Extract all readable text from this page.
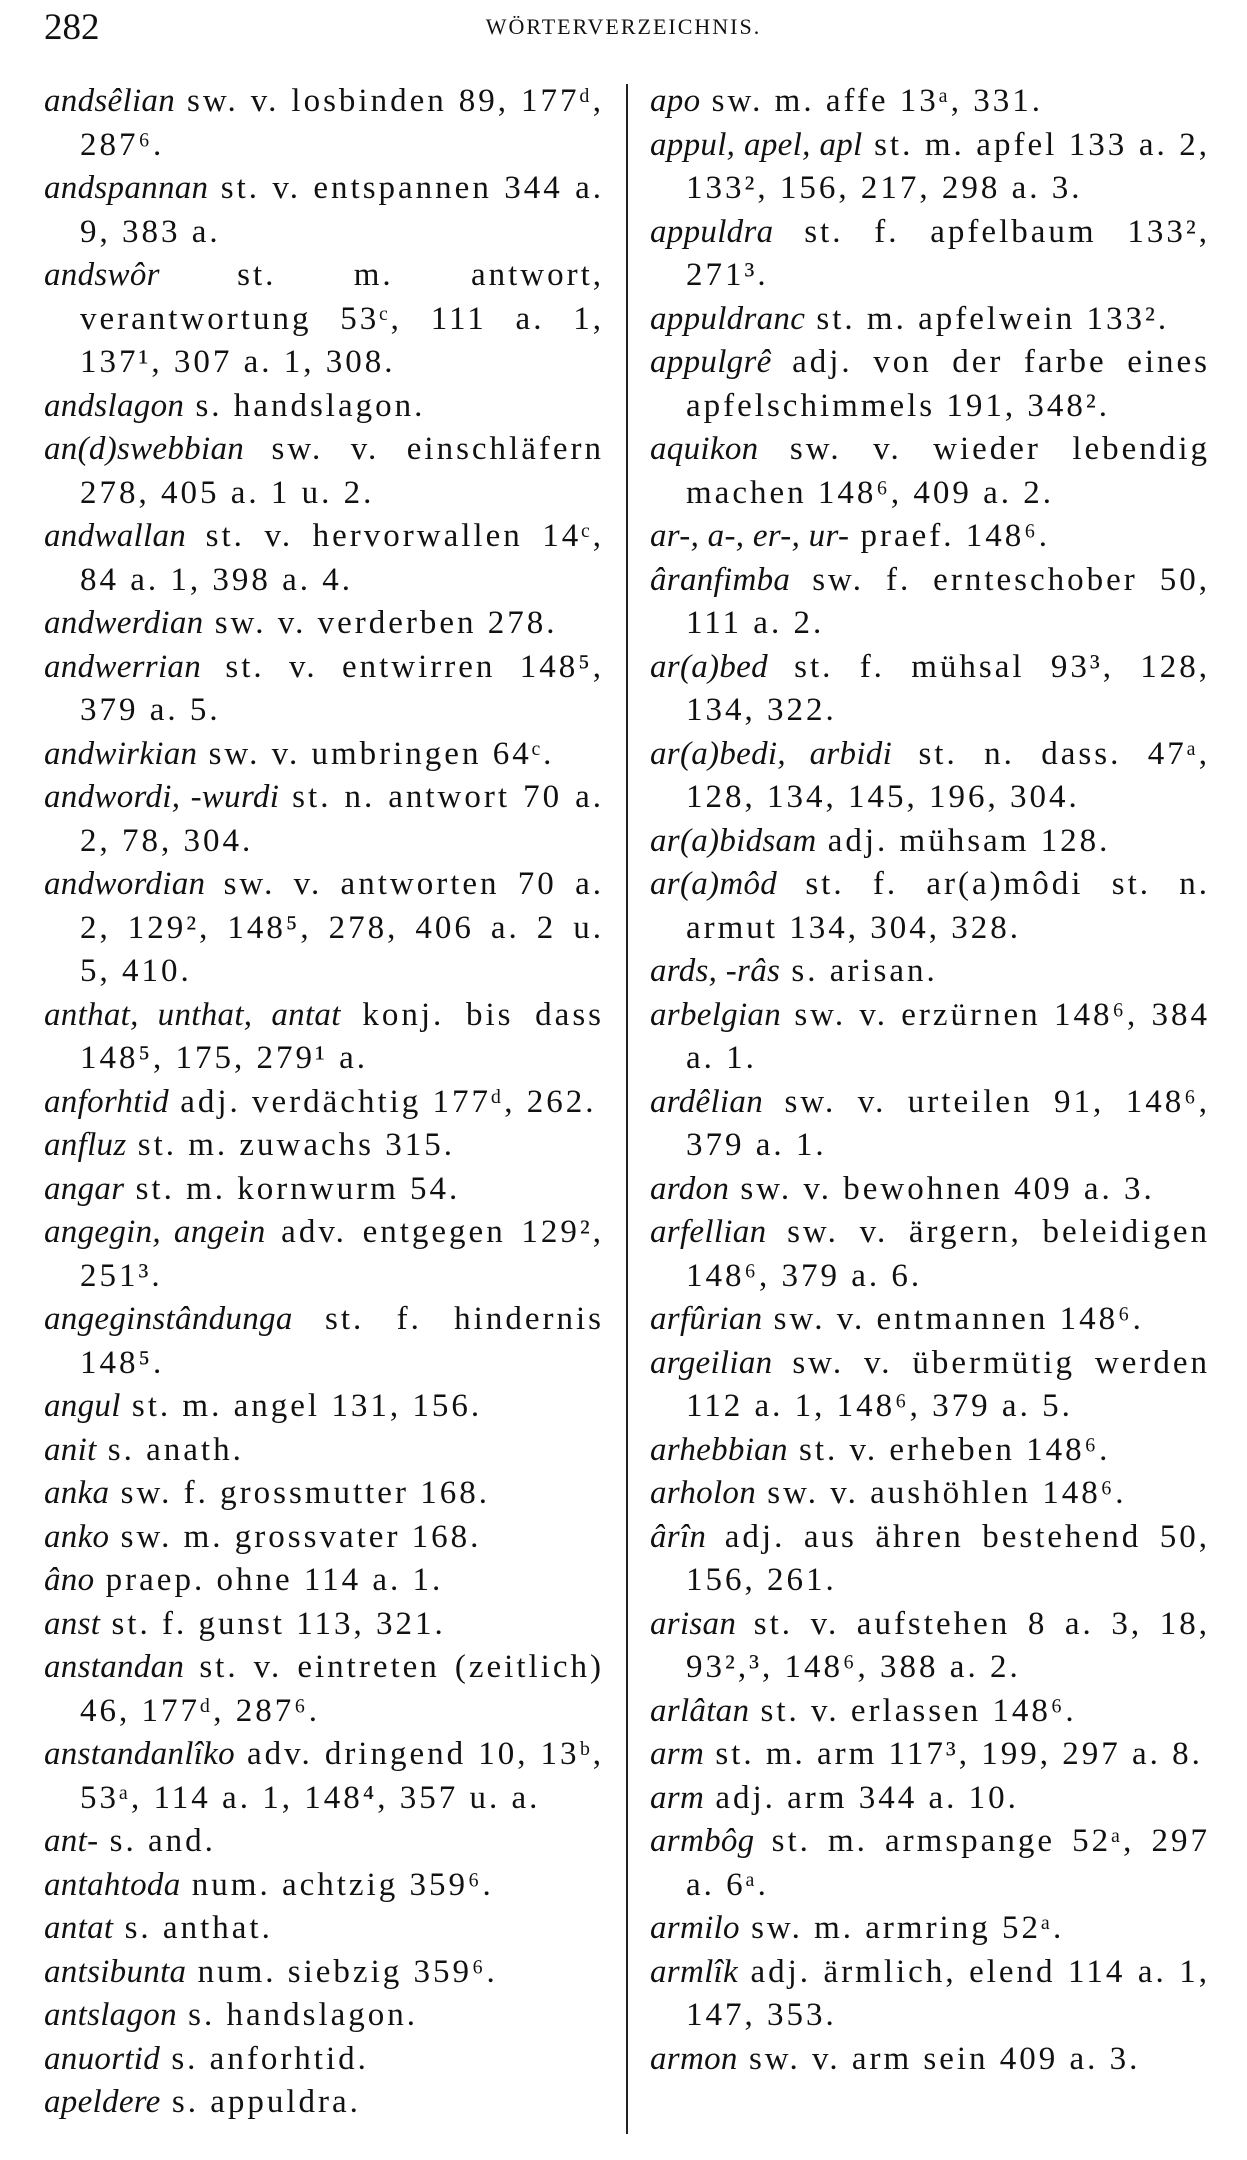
282	WÖRTERVERZEICHNIS.
andsêlian sw. v. losbinden 89, 177ᵈ, 287⁶.
andspannan st. v. entspannen 344 a. 9, 383 a.
andswôr st. m. antwort, verantwortung 53ᶜ, 111 a. 1, 137¹, 307 a. 1, 308.
andslagon s. handslagon.
an(d)swebbian sw. v. einschläfern 278, 405 a. 1 u. 2.
andwallan st. v. hervorwallen 14ᶜ, 84 a. 1, 398 a. 4.
andwerdian sw. v. verderben 278.
andwerrian st. v. entwirren 148⁵, 379 a. 5.
andwirkian sw. v. umbringen 64ᶜ.
andwordi, -wurdi st. n. antwort 70 a. 2, 78, 304.
andwordian sw. v. antworten 70 a. 2, 129², 148⁵, 278, 406 a. 2 u. 5, 410.
anthat, unthat, antat konj. bis dass 148⁵, 175, 279¹ a.
anforhtid adj. verdächtig 177ᵈ, 262.
anfluz st. m. zuwachs 315.
angar st. m. kornwurm 54.
angegin, angein adv. entgegen 129², 251³.
angeginstândunga st. f. hindernis 148⁵.
angul st. m. angel 131, 156.
anit s. anath.
anka sw. f. grossmutter 168.
anko sw. m. grossvater 168.
âno praep. ohne 114 a. 1.
anst st. f. gunst 113, 321.
anstandan st. v. eintreten (zeitlich) 46, 177ᵈ, 287⁶.
anstandanlîko adv. dringend 10, 13ᵇ, 53ᵃ, 114 a. 1, 148⁴, 357 u. a.
ant- s. and.
antahtoda num. achtzig 359⁶.
antat s. anthat.
antsibunta num. siebzig 359⁶.
antslagon s. handslagon.
anuortid s. anforhtid.
apeldere s. appuldra.
apo sw. m. affe 13ᵃ, 331.
appul, apel, apl st. m. apfel 133 a. 2, 133², 156, 217, 298 a. 3.
appuldra st. f. apfelbaum 133², 271³.
appuldranc st. m. apfelwein 133².
appulgrê adj. von der farbe eines apfelschimmels 191, 348².
aquikon sw. v. wieder lebendig machen 148⁶, 409 a. 2.
ar-, a-, er-, ur- praef. 148⁶.
âranfimba sw. f. ernteschober 50, 111 a. 2.
ar(a)bed st. f. mühsal 93³, 128, 134, 322.
ar(a)bedi, arbidi st. n. dass. 47ᵃ, 128, 134, 145, 196, 304.
ar(a)bidsam adj. mühsam 128.
ar(a)môd st. f. ar(a)môdi st. n. armut 134, 304, 328.
ards, -râs s. arisan.
arbelgian sw. v. erzürnen 148⁶, 384 a. 1.
ardêlian sw. v. urteilen 91, 148⁶, 379 a. 1.
ardon sw. v. bewohnen 409 a. 3.
arfellian sw. v. ärgern, beleidigen 148⁶, 379 a. 6.
arfûrian sw. v. entmannen 148⁶.
argeilian sw. v. übermütig werden 112 a. 1, 148⁶, 379 a. 5.
arhebbian st. v. erheben 148⁶.
arholon sw. v. aushöhlen 148⁶.
ârîn adj. aus ähren bestehend 50, 156, 261.
arisan st. v. aufstehen 8 a. 3, 18, 93²,³, 148⁶, 388 a. 2.
arlâtan st. v. erlassen 148⁶.
arm st. m. arm 117³, 199, 297 a. 8.
arm adj. arm 344 a. 10.
armbôg st. m. armspange 52ᵃ, 297 a. 6ᵃ.
armilo sw. m. armring 52ᵃ.
armlîk adj. ärmlich, elend 114 a. 1, 147, 353.
armon sw. v. arm sein 409 a. 3.
